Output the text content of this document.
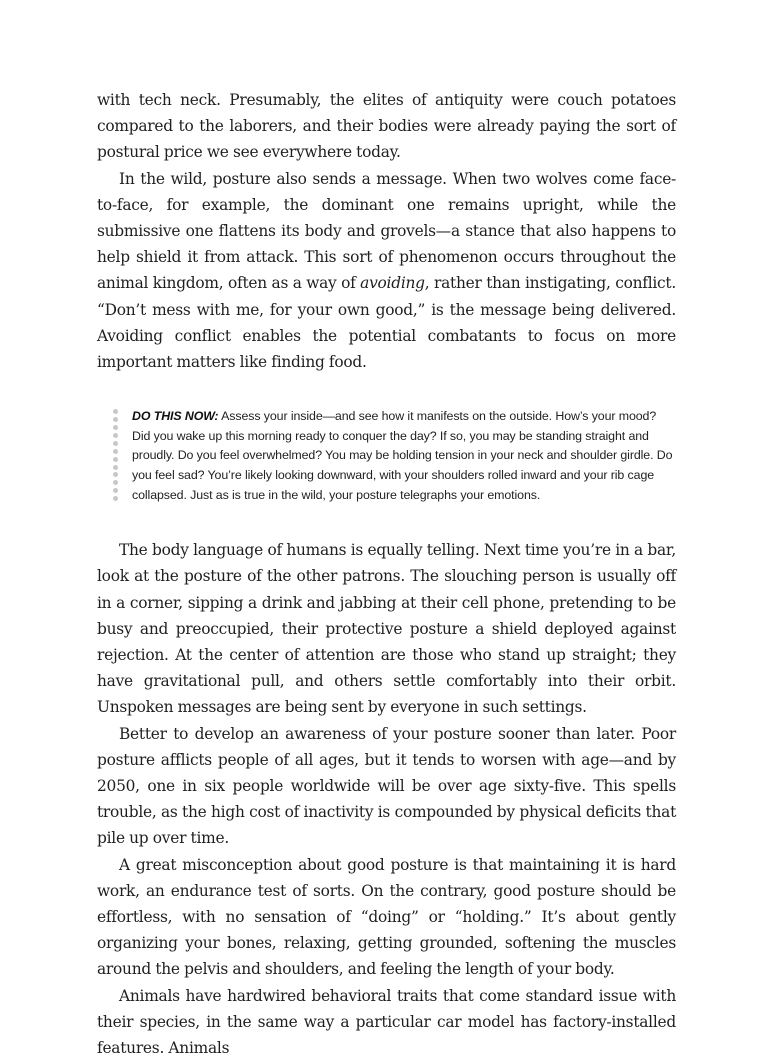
with tech neck. Presumably, the elites of antiquity were couch potatoes compared to the laborers, and their bodies were already paying the sort of postural price we see everywhere today.

In the wild, posture also sends a message. When two wolves come face-to-face, for example, the dominant one remains upright, while the submissive one flattens its body and grovels—a stance that also happens to help shield it from attack. This sort of phenomenon occurs throughout the animal kingdom, often as a way of avoiding, rather than instigating, conflict. “Don’t mess with me, for your own good,” is the message being delivered. Avoiding conflict enables the potential combatants to focus on more important matters like finding food.

DO THIS NOW: Assess your inside—and see how it manifests on the outside. How’s your mood? Did you wake up this morning ready to conquer the day? If so, you may be standing straight and proudly. Do you feel overwhelmed? You may be holding tension in your neck and shoulder girdle. Do you feel sad? You’re likely looking downward, with your shoulders rolled inward and your rib cage collapsed. Just as is true in the wild, your posture telegraphs your emotions.

The body language of humans is equally telling. Next time you’re in a bar, look at the posture of the other patrons. The slouching person is usually off in a corner, sipping a drink and jabbing at their cell phone, pretending to be busy and preoccupied, their protective posture a shield deployed against rejection. At the center of attention are those who stand up straight; they have gravitational pull, and others settle comfortably into their orbit. Unspoken messages are being sent by everyone in such settings.

Better to develop an awareness of your posture sooner than later. Poor posture afflicts people of all ages, but it tends to worsen with age—and by 2050, one in six people worldwide will be over age sixty-five. This spells trouble, as the high cost of inactivity is compounded by physical deficits that pile up over time.

A great misconception about good posture is that maintaining it is hard work, an endurance test of sorts. On the contrary, good posture should be effortless, with no sensation of “doing” or “holding.” It’s about gently organizing your bones, relaxing, getting grounded, softening the muscles around the pelvis and shoulders, and feeling the length of your body.

Animals have hardwired behavioral traits that come standard issue with their species, in the same way a particular car model has factory-installed features. Animals
